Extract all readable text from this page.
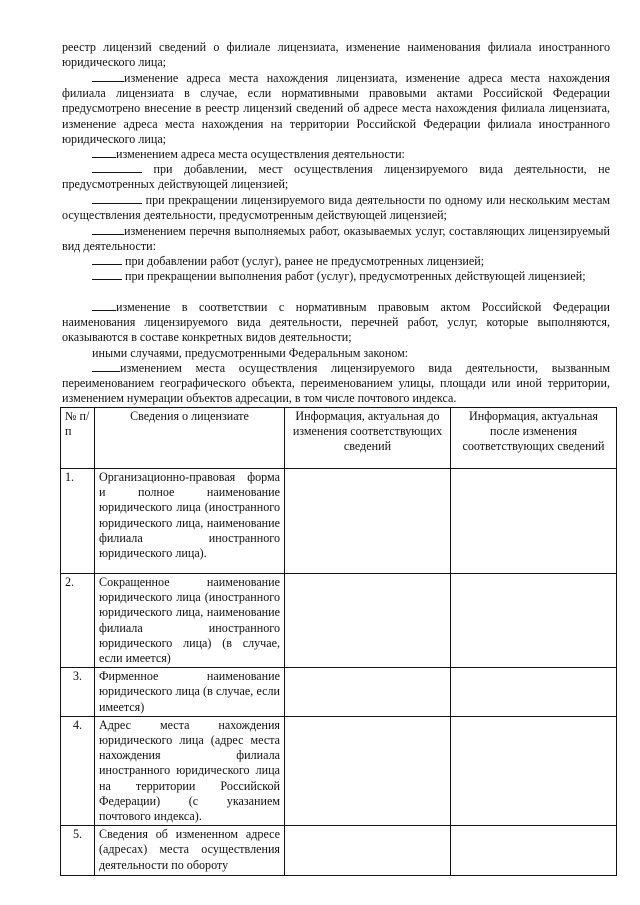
реестр лицензий сведений о филиале лицензиата, изменение наименования филиала иностранного юридического лица;
изменение адреса места нахождения лицензиата, изменение адреса места нахождения филиала лицензиата в случае, если нормативными правовыми актами Российской Федерации предусмотрено внесение в реестр лицензий сведений об адресе места нахождения филиала лицензиата, изменение адреса места нахождения на территории Российской Федерации филиала иностранного юридического лица;
изменением адреса места осуществления деятельности:
при добавлении, мест осуществления лицензируемого вида деятельности, не предусмотренных действующей лицензией;
при прекращении лицензируемого вида деятельности по одному или нескольким местам осуществления деятельности, предусмотренным действующей лицензией;
изменением перечня выполняемых работ, оказываемых услуг, составляющих лицензируемый вид деятельности:
при добавлении работ (услуг), ранее не предусмотренных лицензией;
при прекращении выполнения работ (услуг), предусмотренных действующей лицензией;
изменение в соответствии с нормативным правовым актом Российской Федерации наименования лицензируемого вида деятельности, перечней работ, услуг, которые выполняются, оказываются в составе конкретных видов деятельности;
иными случаями, предусмотренными Федеральным законом:
изменением места осуществления лицензируемого вида деятельности, вызванным переименованием географического объекта, переименованием улицы, площади или иной территории, изменением нумерации объектов адресации, в том числе почтового индекса.
№ п/п	Сведения о лицензиате	Информация, актуальная до изменения соответствующих сведений	Информация, актуальная после изменения соответствующих сведений
1.	Организационно-правовая форма и полное наименование юридического лица (иностранного юридического лица, наименование филиала иностранного юридического лица).		
2.	Сокращенное наименование юридического лица (иностранного юридического лица, наименование филиала иностранного юридического лица) (в случае, если имеется)		
3.	Фирменное наименование юридического лица (в случае, если имеется)		
4.	Адрес места нахождения юридического лица (адрес места нахождения филиала иностранного юридического лица на территории Российской Федерации) (с указанием почтового индекса).		
5.	Сведения об измененном адресе (адресах) места осуществления деятельности по обороту		
